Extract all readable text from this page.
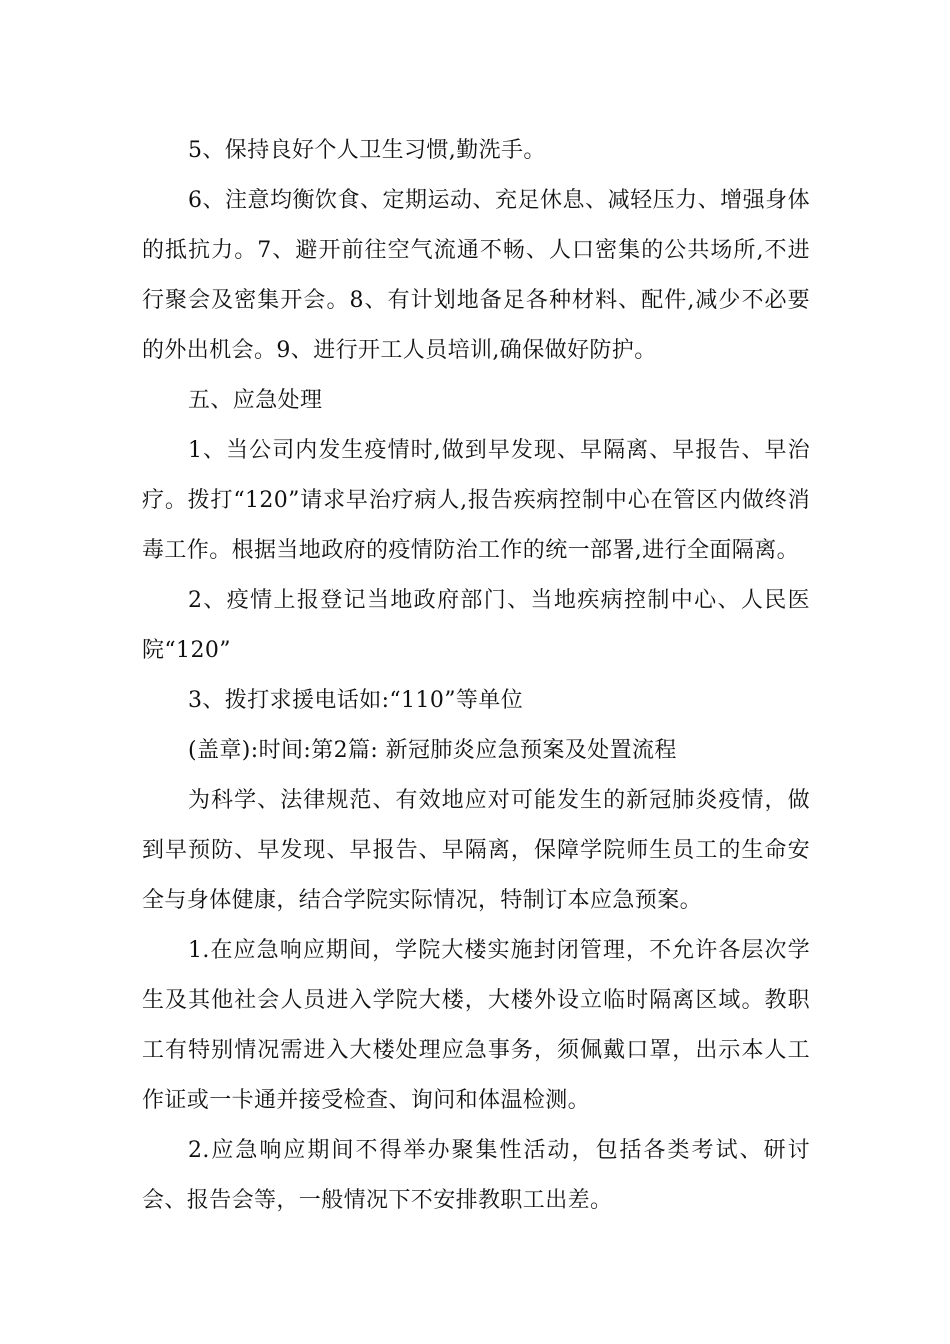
5、保持良好个人卫生习惯,勤洗手。

6、注意均衡饮食、定期运动、充足休息、减轻压力、增强身体的抵抗力。7、避开前往空气流通不畅、人口密集的公共场所,不进行聚会及密集开会。8、有计划地备足各种材料、配件,减少不必要的外出机会。9、进行开工人员培训,确保做好防护。

五、应急处理

1、当公司内发生疫情时,做到早发现、早隔离、早报告、早治疗。拨打“120”请求早治疗病人,报告疾病控制中心在管区内做终消毒工作。根据当地政府的疫情防治工作的统一部署,进行全面隔离。

2、疫情上报登记当地政府部门、当地疾病控制中心、人民医院“120”

3、拨打求援电话如:“110”等单位

(盖章):时间:第2篇: 新冠肺炎应急预案及处置流程

为科学、法律规范、有效地应对可能发生的新冠肺炎疫情，做到早预防、早发现、早报告、早隔离，保障学院师生员工的生命安全与身体健康，结合学院实际情况，特制订本应急预案。

1.在应急响应期间，学院大楼实施封闭管理，不允许各层次学生及其他社会人员进入学院大楼，大楼外设立临时隔离区域。教职工有特别情况需进入大楼处理应急事务，须佩戴口罩，出示本人工作证或一卡通并接受检查、询问和体温检测。

2.应急响应期间不得举办聚集性活动，包括各类考试、研讨会、报告会等，一般情况下不安排教职工出差。
